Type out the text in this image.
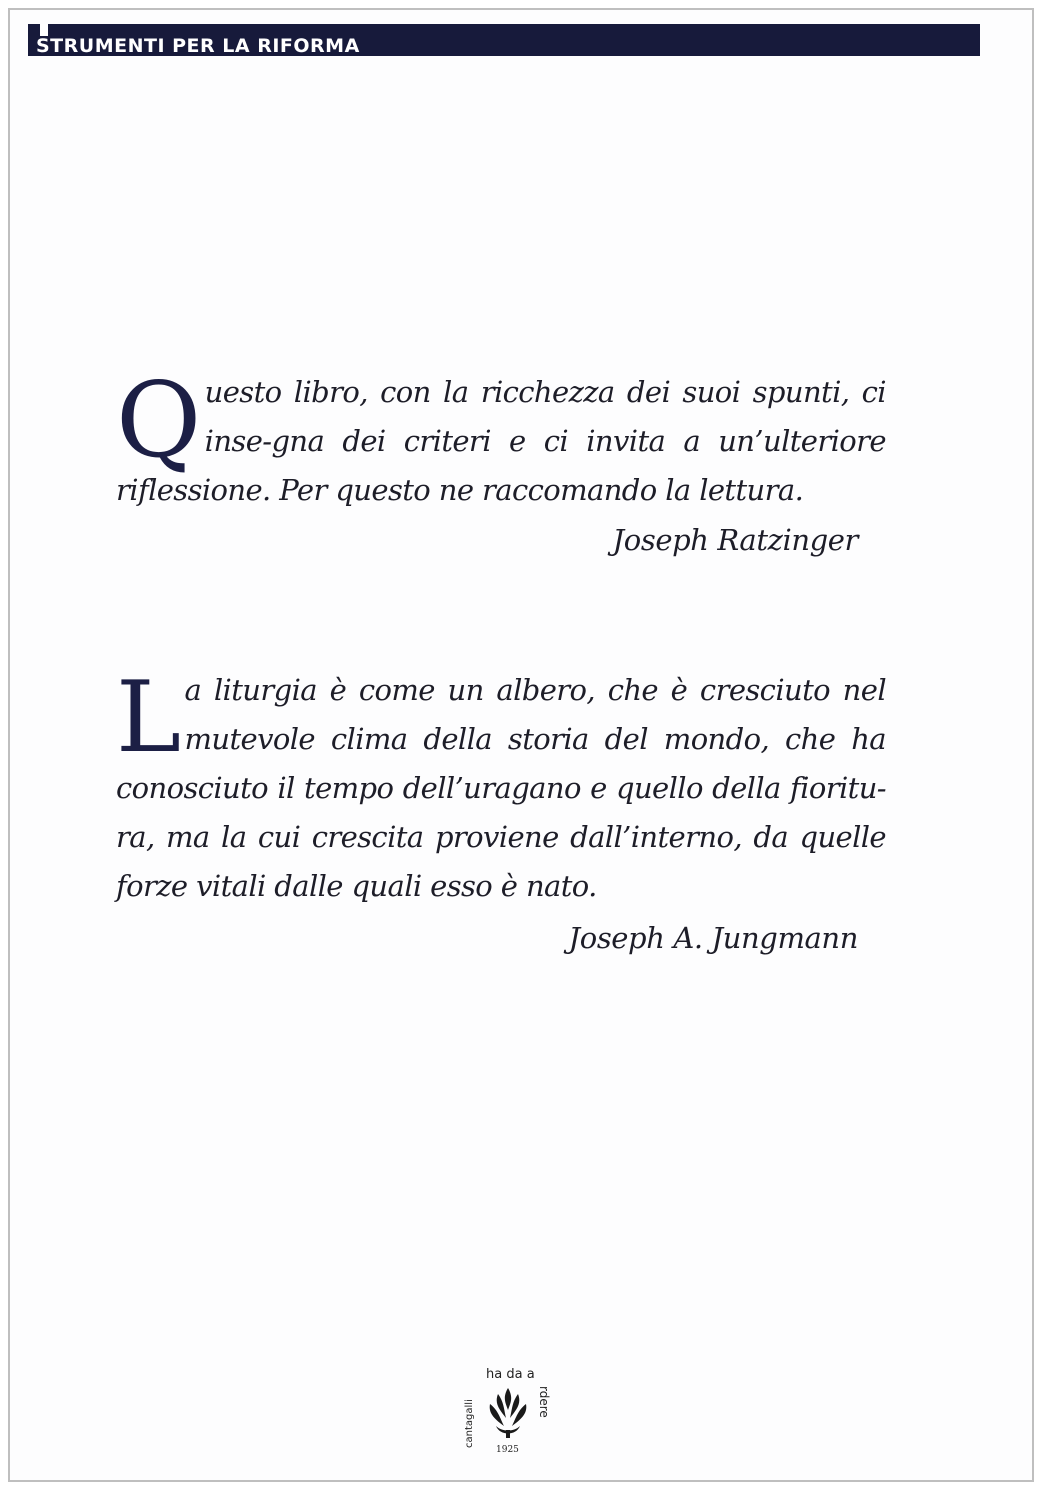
STRUMENTI PER LA RIFORMA
Q uesto libro, con la ricchezza dei suoi spunti, ci inse-gna dei criteri e ci invita a un’ulteriore riflessione. Per questo ne raccomando la lettura.
Joseph Ratzinger
L a liturgia è come un albero, che è cresciuto nel mutevole clima della storia del mondo, che ha conosciuto il tempo dell’uragano e quello della fioritu-ra, ma la cui crescita proviene dall’interno, da quelle forze vitali dalle quali esso è nato.
Joseph A. Jungmann
cantagalli
ha da a
rdere
1925
